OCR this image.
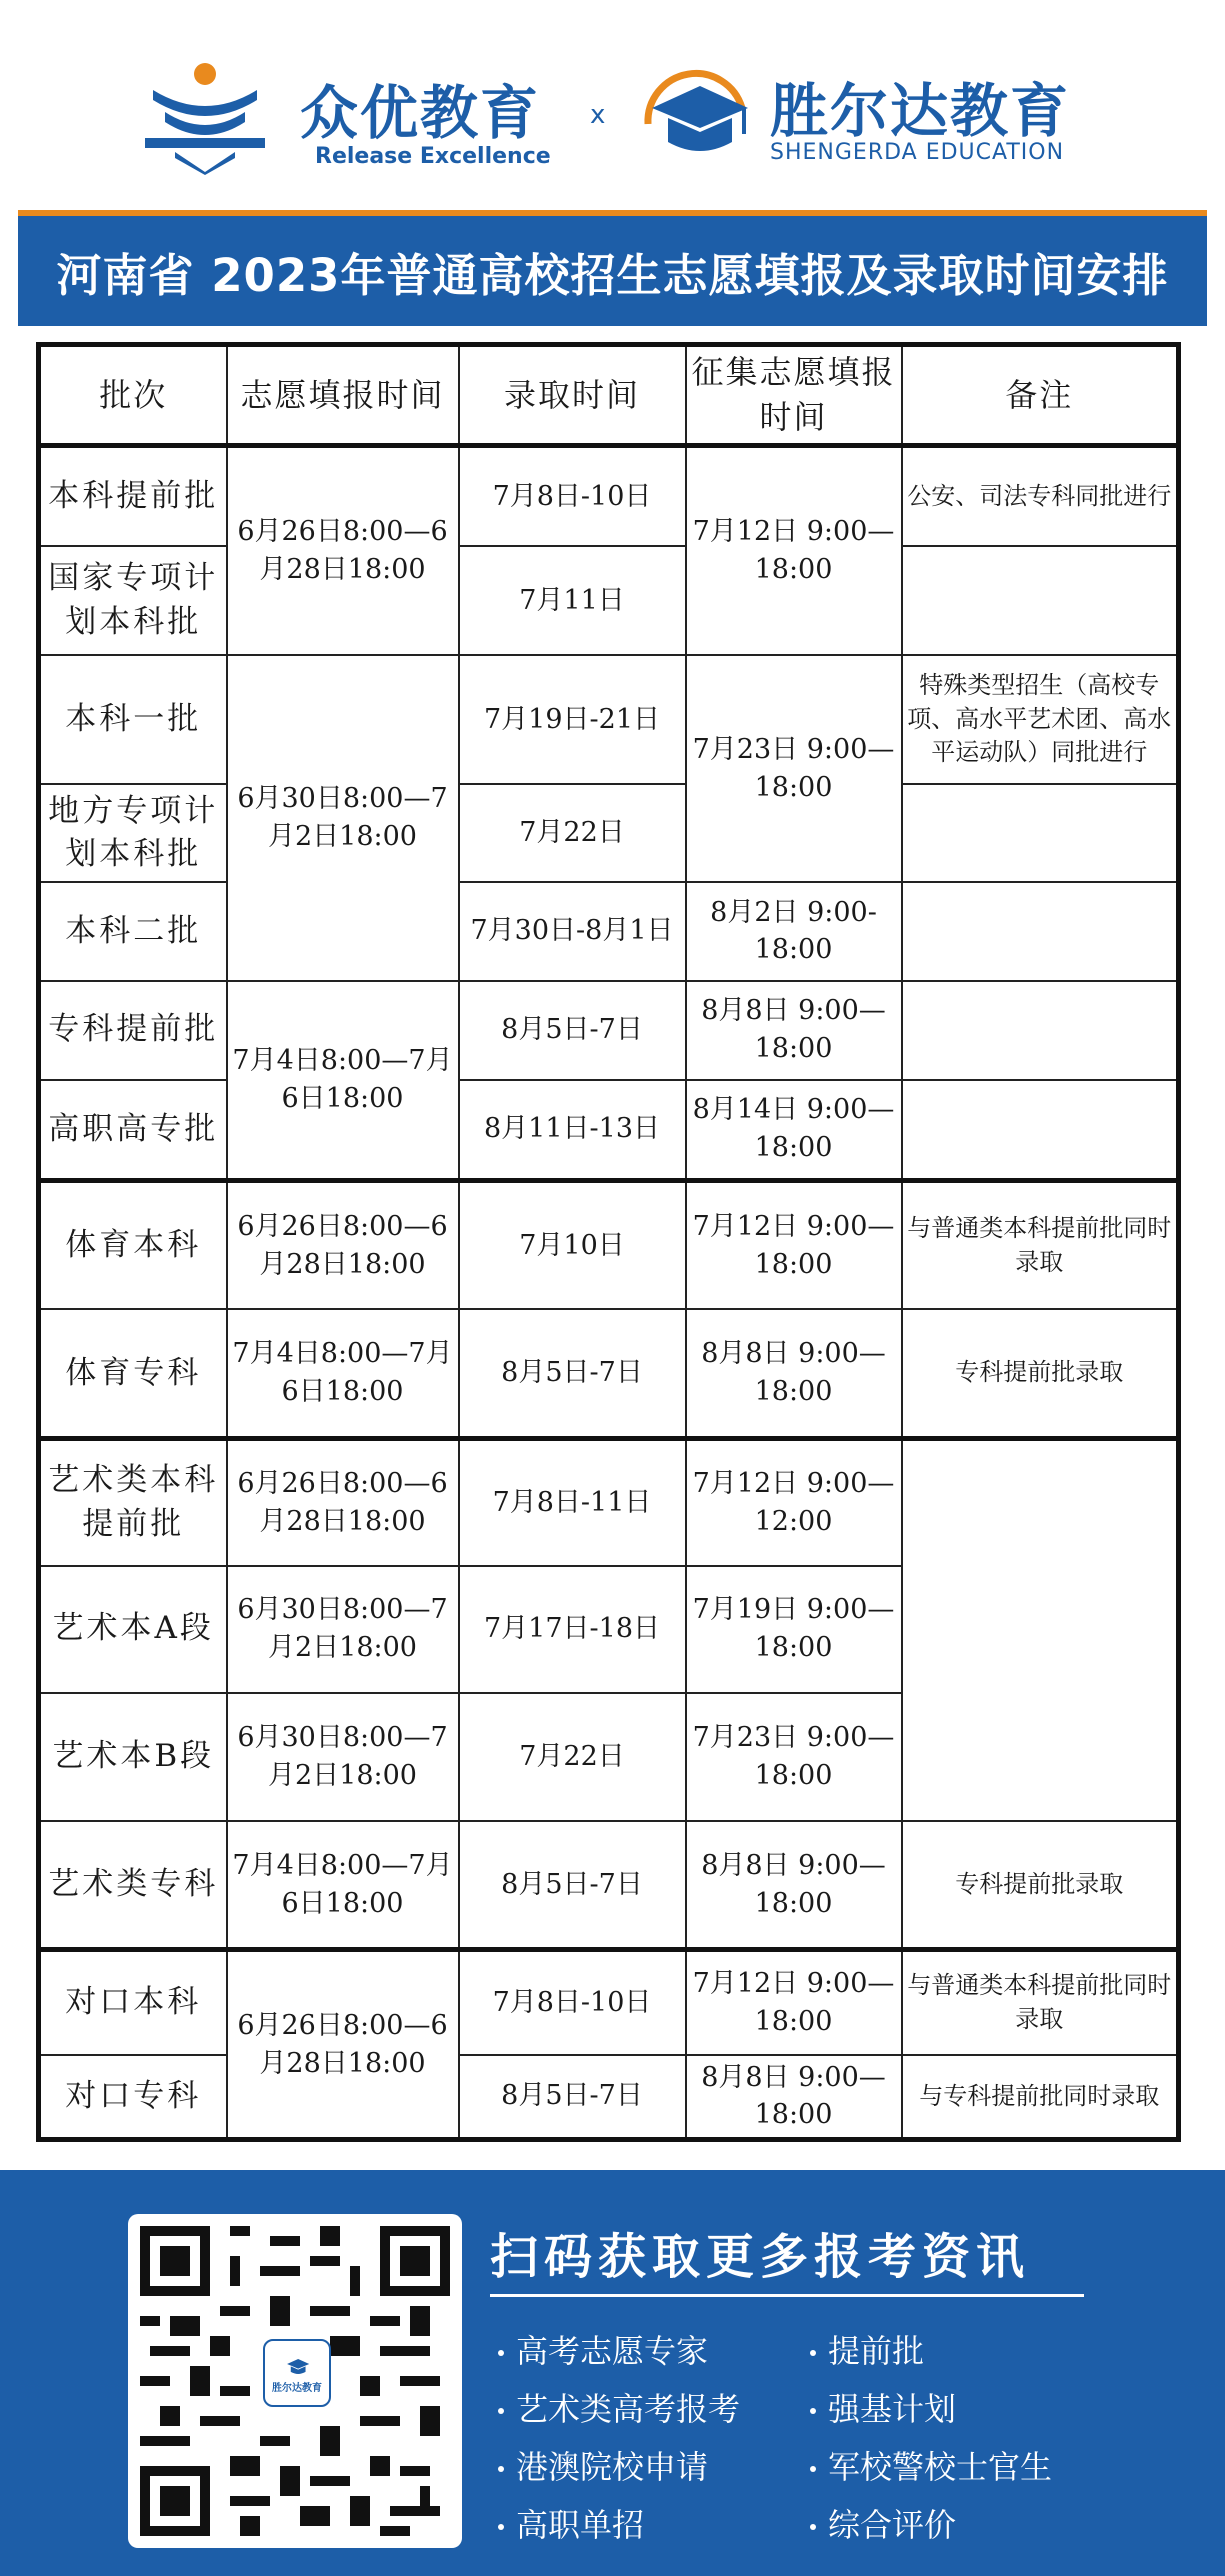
众优教育
Release Excellence
x	胜尔达教育
SHENGERDA EDUCATION
河南省 2023年普通高校招生志愿填报及录取时间安排
批次	志愿填报时间	录取时间	征集志愿填报时间	备注
本科提前批	6月26日8:00—6月28日18:00	7月8日-10日	7月12日 9:00—18:00	公安、司法专科同批进行
国家专项计划本科批		7月11日		
本科一批	6月30日8:00—7月2日18:00	7月19日-21日	7月23日 9:00—18:00	特殊类型招生（高校专项、高水平艺术团、高水平运动队）同批进行
地方专项计划本科批		7月22日		
本科二批		7月30日-8月1日	8月2日 9:00-18:00	
专科提前批	7月4日8:00—7月6日18:00	8月5日-7日	8月8日 9:00—18:00	
高职高专批		8月11日-13日	8月14日 9:00—18:00	
体育本科	6月26日8:00—6月28日18:00	7月10日	7月12日 9:00—18:00	与普通类本科提前批同时录取
体育专科	7月4日8:00—7月6日18:00	8月5日-7日	8月8日 9:00—18:00	专科提前批录取
艺术类本科提前批	6月26日8:00—6月28日18:00	7月8日-11日	7月12日 9:00—12:00	
艺术本A段	6月30日8:00—7月2日18:00	7月17日-18日	7月19日 9:00—18:00	
艺术本B段	6月30日8:00—7月2日18:00	7月22日	7月23日 9:00—18:00	
艺术类专科	7月4日8:00—7月6日18:00	8月5日-7日	8月8日 9:00—18:00	专科提前批录取
对口本科	6月26日8:00—6月28日18:00	7月8日-10日	7月12日 9:00—18:00	与普通类本科提前批同时录取
对口专科		8月5日-7日	8月8日 9:00—18:00	与专科提前批同时录取
胜尔达教育
扫码获取更多报考资讯
高考志愿专家
艺术类高考报考
港澳院校申请
高职单招
提前批
强基计划
军校警校士官生
综合评价
